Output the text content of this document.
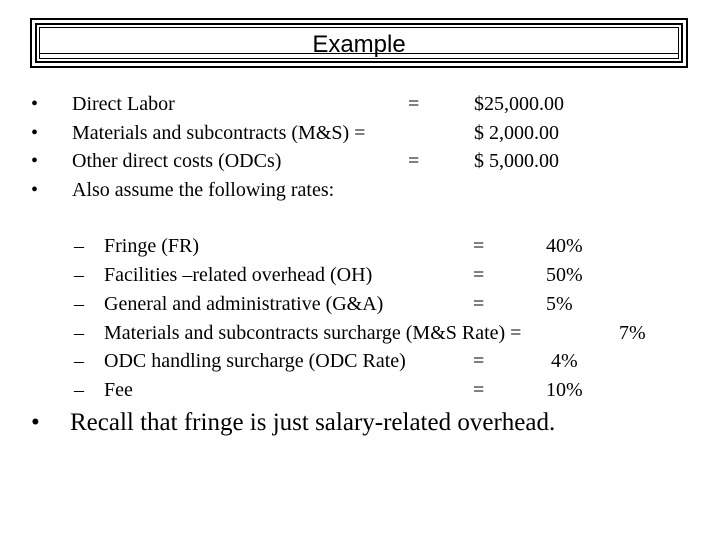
Example
• Direct Labor	=	$25,000.00
• Materials and subcontracts (M&S) =	$ 2,000.00
• Other direct costs (ODCs)	=	$ 5,000.00
• Also assume the following rates:
– Fringe (FR)	=	40%
– Facilities –related overhead (OH)	=	50%
– General and administrative (G&A)	=	5%
– Materials and subcontracts surcharge (M&S Rate) =	7%
– ODC handling surcharge (ODC Rate)	=	4%
– Fee	=	10%
• Recall that fringe is just salary-related overhead.
